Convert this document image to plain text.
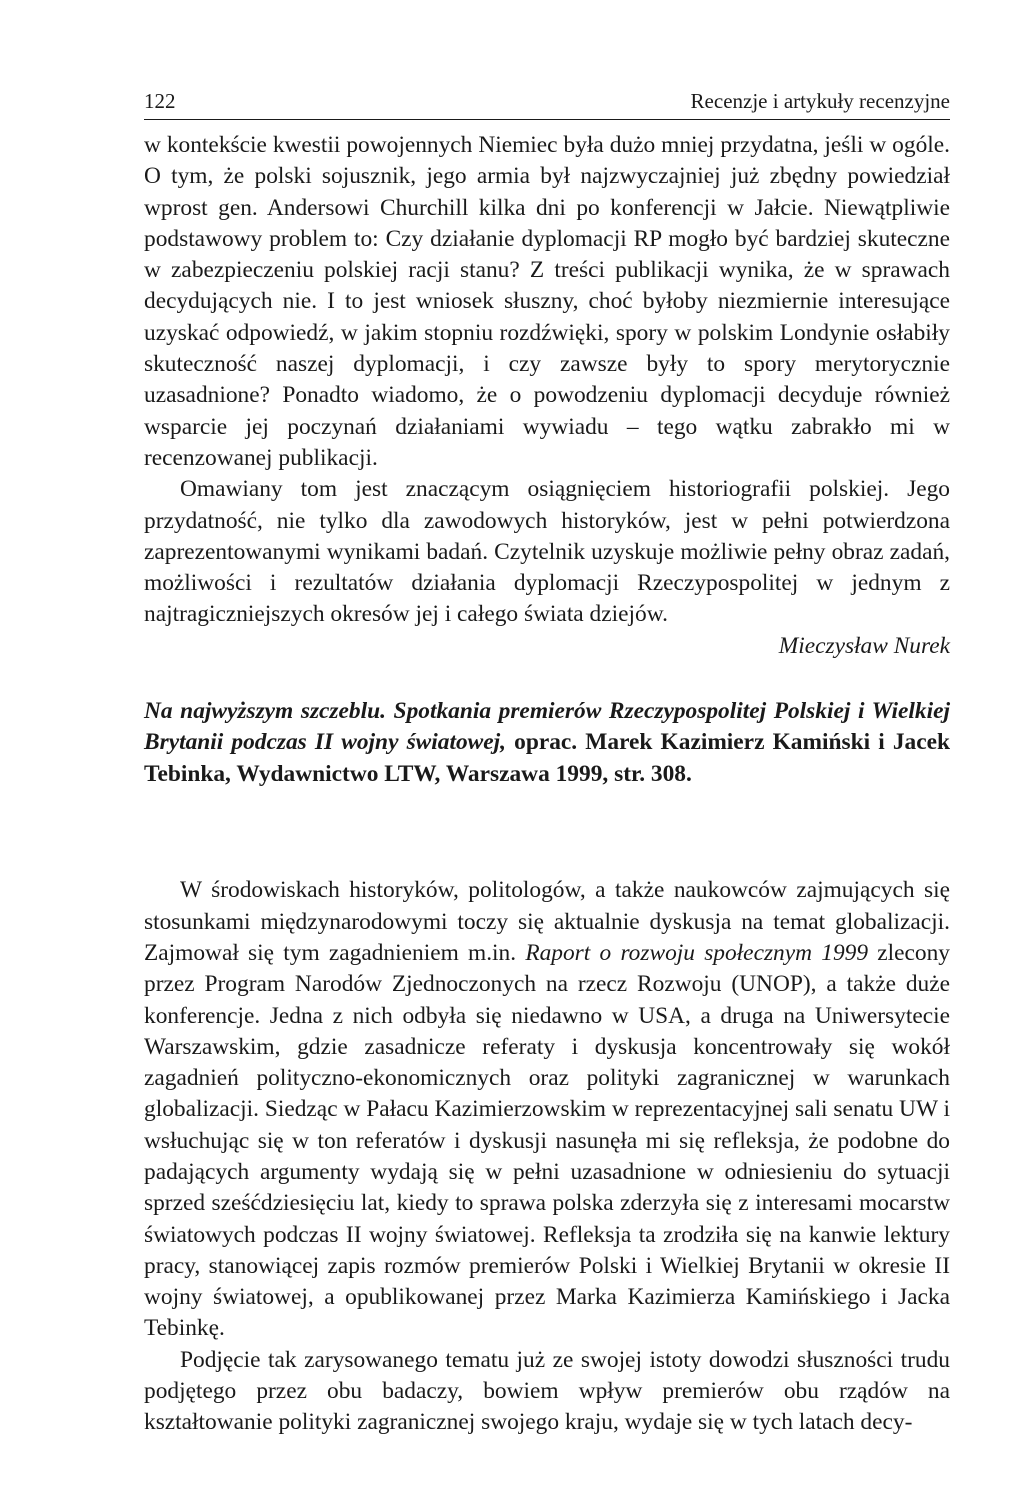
122	Recenzje i artykuły recenzyjne

w kontekście kwestii powojennych Niemiec była dużo mniej przydatna, jeśli w ogóle. O tym, że polski sojusznik, jego armia był najzwyczajniej już zbędny powiedział wprost gen. Andersowi Churchill kilka dni po konferencji w Jałcie. Niewątpliwie podstawowy problem to: Czy działanie dyplomacji RP mogło być bardziej skuteczne w zabezpieczeniu polskiej racji stanu? Z treści publikacji wynika, że w sprawach decydujących nie. I to jest wniosek słuszny, choć byłoby niezmiernie interesujące uzyskać odpowiedź, w jakim stopniu rozdźwięki, spory w polskim Londynie osłabiły skuteczność naszej dyplomacji, i czy zawsze były to spory merytorycznie uzasadnione? Ponadto wiadomo, że o powodzeniu dyplomacji decyduje również wsparcie jej poczynań działaniami wywiadu – tego wątku zabrakło mi w recenzowanej publikacji.

Omawiany tom jest znaczącym osiągnięciem historiografii polskiej. Jego przydatność, nie tylko dla zawodowych historyków, jest w pełni potwierdzona zaprezentowanymi wynikami badań. Czytelnik uzyskuje możliwie pełny obraz zadań, możliwości i rezultatów działania dyplomacji Rzeczypospolitej w jednym z najtragiczniejszych okresów jej i całego świata dziejów.

Mieczysław Nurek

Na najwyższym szczeblu. Spotkania premierów Rzeczypospolitej Polskiej i Wielkiej Brytanii podczas II wojny światowej, oprac. Marek Kazimierz Kamiński i Jacek Tebinka, Wydawnictwo LTW, Warszawa 1999, str. 308.

W środowiskach historyków, politologów, a także naukowców zajmujących się stosunkami międzynarodowymi toczy się aktualnie dyskusja na temat globalizacji. Zajmował się tym zagadnieniem m.in. Raport o rozwoju społecznym 1999 zlecony przez Program Narodów Zjednoczonych na rzecz Rozwoju (UNOP), a także duże konferencje. Jedna z nich odbyła się niedawno w USA, a druga na Uniwersytecie Warszawskim, gdzie zasadnicze referaty i dyskusja koncentrowały się wokół zagadnień polityczno-ekonomicznych oraz polityki zagranicznej w warunkach globalizacji. Siedząc w Pałacu Kazimierzowskim w reprezentacyjnej sali senatu UW i wsłuchując się w ton referatów i dyskusji nasunęła mi się refleksja, że podobne do padających argumenty wydają się w pełni uzasadnione w odniesieniu do sytuacji sprzed sześćdziesięciu lat, kiedy to sprawa polska zderzyła się z interesami mocarstw światowych podczas II wojny światowej. Refleksja ta zrodziła się na kanwie lektury pracy, stanowiącej zapis rozmów premierów Polski i Wielkiej Brytanii w okresie II wojny światowej, a opublikowanej przez Marka Kazimierza Kamińskiego i Jacka Tebinkę.

Podjęcie tak zarysowanego tematu już ze swojej istoty dowodzi słuszności trudu podjętego przez obu badaczy, bowiem wpływ premierów obu rządów na kształtowanie polityki zagranicznej swojego kraju, wydaje się w tych latach decy-
